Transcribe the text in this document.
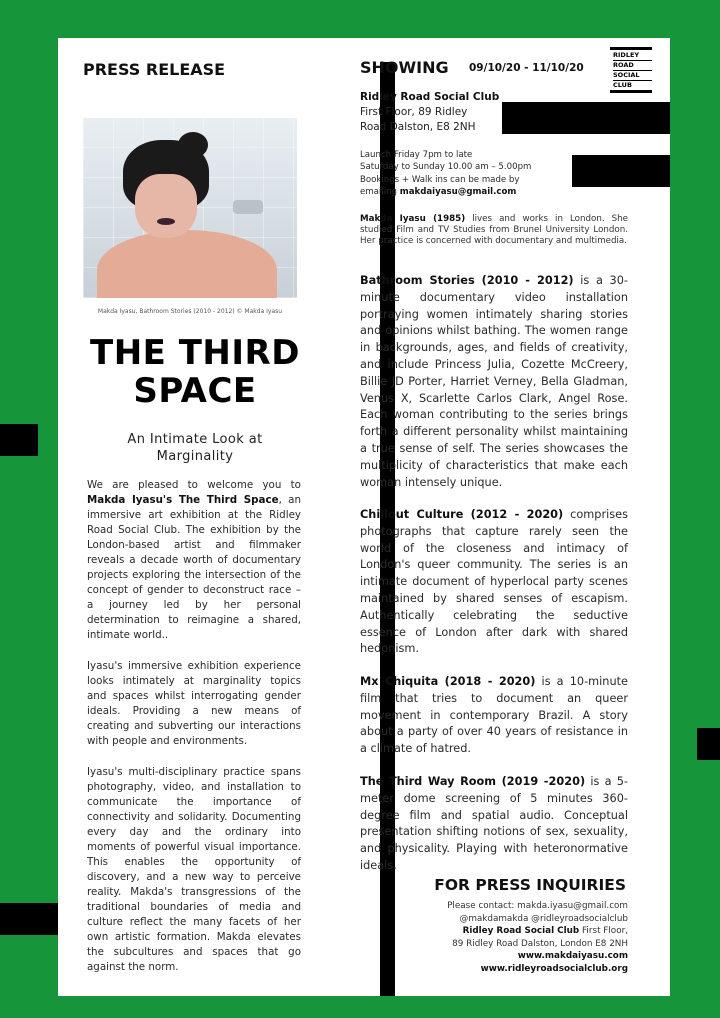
PRESS RELEASE
Makda Iyasu, Bathroom Stories (2010 - 2012) © Makda Iyasu
THE THIRD
SPACE
An Intimate Look at
Marginality

We are pleased to welcome you to Makda Iyasu's The Third Space, an immersive art exhibition at the Ridley Road Social Club. The exhibition by the London-based artist and filmmaker reveals a decade worth of documentary projects exploring the intersection of the concept of gender to deconstruct race – a journey led by her personal determination to reimagine a shared, intimate world..

Iyasu's immersive exhibition experience looks intimately at marginality topics and spaces whilst interrogating gender ideals. Providing a new means of creating and subverting our interactions with people and environments.

Iyasu's multi-disciplinary practice spans photography, video, and installation to communicate the importance of connectivity and solidarity. Documenting every day and the ordinary into moments of powerful visual importance. This enables the opportunity of discovery, and a new way to perceive reality. Makda's transgressions of the traditional boundaries of media and culture reflect the many facets of her own artistic formation. Makda elevates the subcultures and spaces that go against the norm.

SHOWING 09/10/20 - 11/10/20
RIDLEY
ROAD
SOCIAL
CLUB
Ridley Road Social Club
First Floor, 89 Ridley
Road Dalston, E8 2NH
Launch Friday 7pm to late
Saturday to Sunday 10.00 am – 5.00pm
Bookings + Walk ins can be made by
emailing makdaiyasu@gmail.com

Makda Iyasu (1985) lives and works in London. She studied Film and TV Studies from Brunel University London. Her practice is concerned with documentary and multimedia.

Bathroom Stories (2010 - 2012) is a 30-minute documentary video installation portraying women intimately sharing stories and opinions whilst bathing. The women range in backgrounds, ages, and fields of creativity, and include Princess Julia, Cozette McCreery, Billie JD Porter, Harriet Verney, Bella Gladman, Venus X, Scarlette Carlos Clark, Angel Rose. Each woman contributing to the series brings forth a different personality whilst maintaining a true sense of self. The series showcases the multiplicity of characteristics that make each woman intensely unique.

Chillout Culture (2012 - 2020) comprises photographs that capture rarely seen the world of the closeness and intimacy of London's queer community. The series is an intimate document of hyperlocal party scenes maintained by shared senses of escapism. Authentically celebrating the seductive essence of London after dark with shared hedonism.

Mx Chiquita (2018 - 2020) is a 10-minute film that tries to document an queer movement in contemporary Brazil. A story about a party of over 40 years of resistance in a climate of hatred.

The Third Way Room (2019 -2020) is a 5-meter dome screening of 5 minutes 360-degree film and spatial audio. Conceptual presentation shifting notions of sex, sexuality, and physicality. Playing with heteronormative ideals.

FOR PRESS INQUIRIES
Please contact: makda.iyasu@gmail.com
@makdamakda @ridleyroadsocialclub
Ridley Road Social Club First Floor,
89 Ridley Road Dalston, London E8 2NH
www.makdaiyasu.com
www.ridleyroadsocialclub.org
